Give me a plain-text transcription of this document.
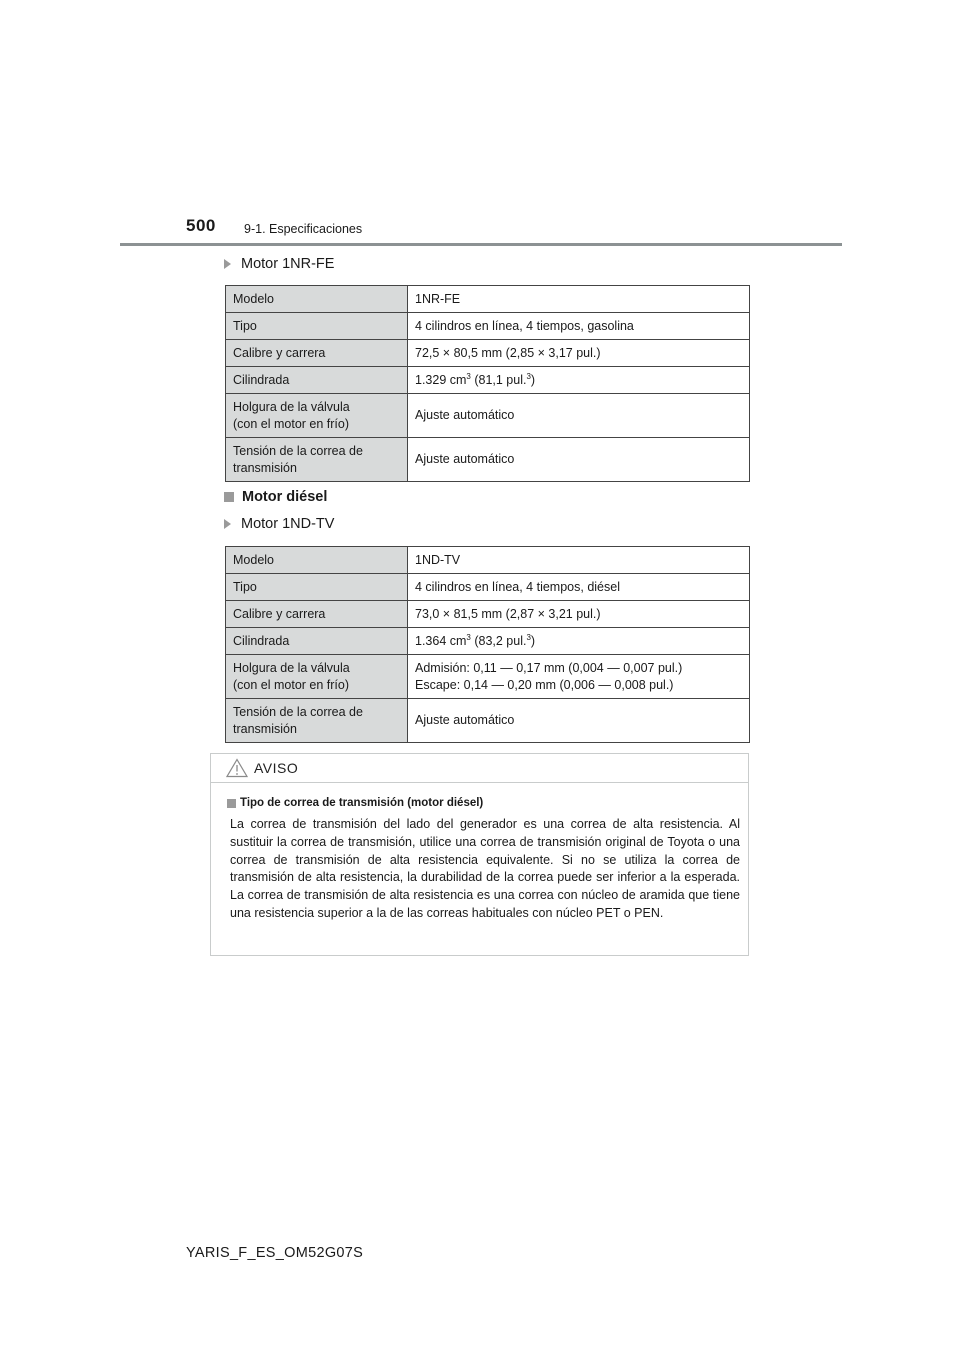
500 9-1. Especificaciones
Motor 1NR-FE
Modelo	1NR-FE
Tipo	4 cilindros en línea, 4 tiempos, gasolina
Calibre y carrera	72,5 × 80,5 mm (2,85 × 3,17 pul.)
Cilindrada	1.329 $cm^3$ (81,1 pul.$^3$)
Holgura de la válvula
(con el motor en frío)	Ajuste automático

Tensión de la correa de
transmisión	Ajuste automático
Motor diésel
Motor 1ND-TV
Modelo	1ND-TV
Tipo	4 cilindros en línea, 4 tiempos, diésel
Calibre y carrera	73,0 × 81,5 mm (2,87 × 3,21 pul.)
Cilindrada	1.364 $cm^3$ (83,2 pul.$^3$)
Holgura de la válvula
(con el motor en frío)	Admisión: 0,11 — 0,17 mm (0,004 — 0,007 pul.)
Escape: 0,14 — 0,20 mm (0,006 — 0,008 pul.)

Tensión de la correa de
transmisión	Ajuste automático
AVISO
Tipo de correa de transmisión (motor diésel)
La correa de transmisión del lado del generador es una correa de alta resistencia. Al sustituir la correa de transmisión, utilice una correa de transmisión original de Toyota o una correa de transmisión de alta resistencia equivalente. Si no se utiliza la correa de transmisión de alta resistencia, la durabilidad de la correa puede ser inferior a la esperada. La correa de transmisión de alta resistencia es una correa con núcleo de aramida que tiene una resistencia superior a la de las correas habituales con núcleo PET o PEN.
YARIS_F_ES_OM52G07S
